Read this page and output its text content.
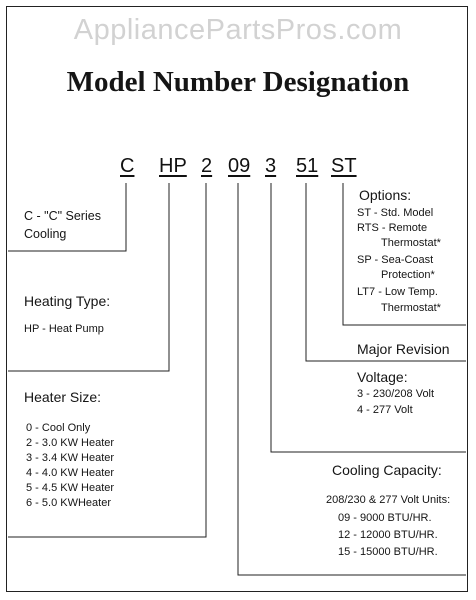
AppliancePartsPros.com
Model Number Designation
C HP 2 09 3 51 ST
C - "C" Series
Cooling
Heating Type:
HP - Heat Pump
Heater Size:
0 - Cool Only
2 - 3.0 KW Heater
3 - 3.4 KW Heater
4 - 4.0 KW Heater
5 - 4.5 KW Heater
6 - 5.0 KWHeater
Options:
ST - Std. Model
RTS - Remote
Thermostat*
SP - Sea-Coast
Protection*
LT7 - Low Temp.
Thermostat*
Major Revision
Voltage:
3 - 230/208 Volt
4 - 277 Volt
Cooling Capacity:
208/230 & 277 Volt Units:
09 - 9000 BTU/HR.
12 - 12000 BTU/HR.
15 - 15000 BTU/HR.
